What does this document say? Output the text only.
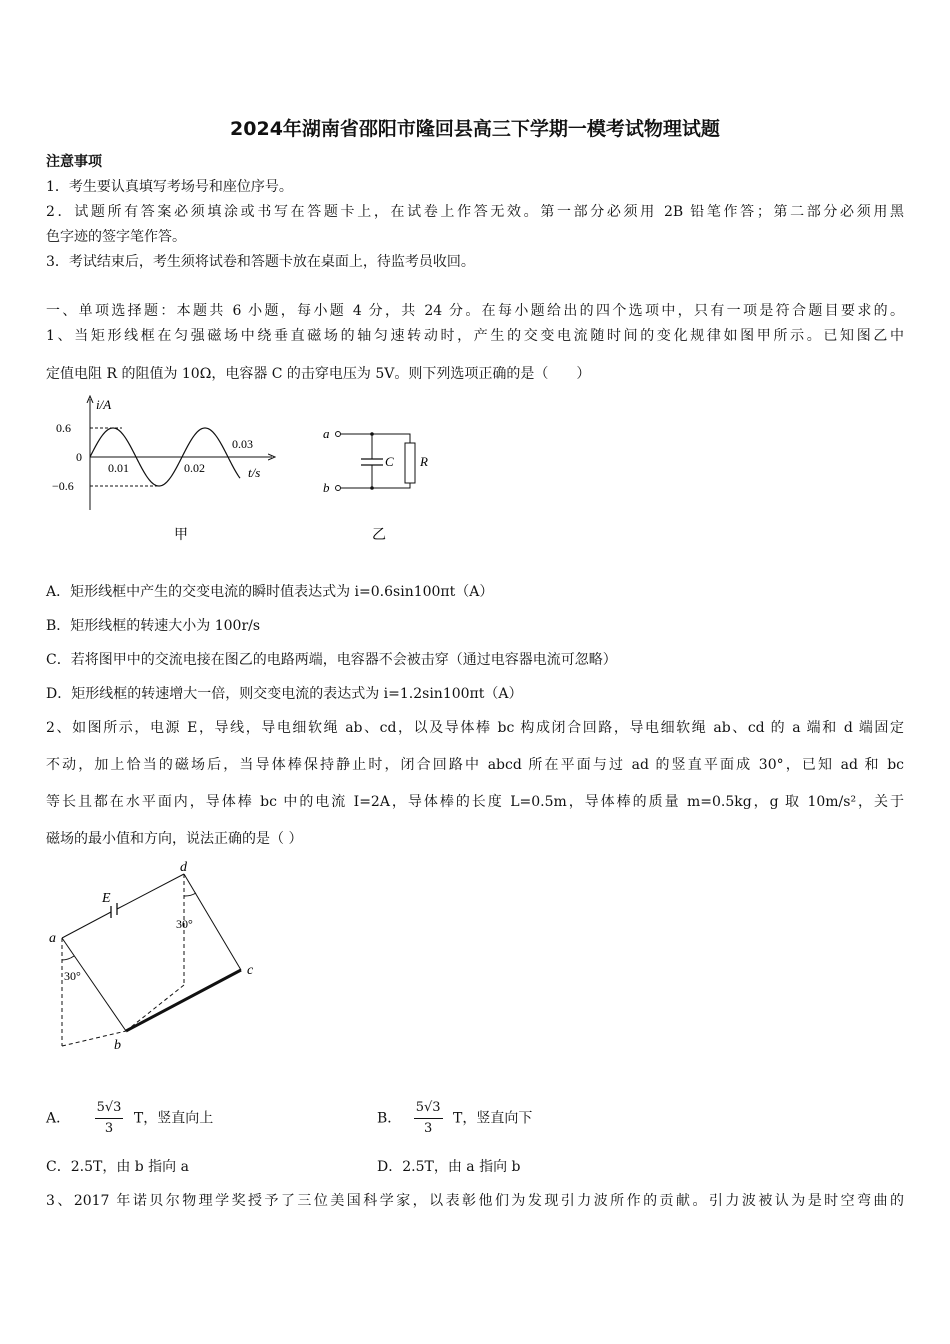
2024年湖南省邵阳市隆回县高三下学期一模考试物理试题
注意事项
1．考生要认真填写考场号和座位序号。
2．试题所有答案必须填涂或书写在答题卡上，在试卷上作答无效。第一部分必须用 2B 铅笔作答；第二部分必须用黑
色字迹的签字笔作答。
3．考试结束后，考生须将试卷和答题卡放在桌面上，待监考员收回。
一、单项选择题：本题共 6 小题，每小题 4 分，共 24 分。在每小题给出的四个选项中，只有一项是符合题目要求的。
1、当矩形线框在匀强磁场中绕垂直磁场的轴匀速转动时，产生的交变电流随时间的变化规律如图甲所示。已知图乙中
定值电阻 R 的阻值为 10Ω，电容器 C 的击穿电压为 5V。则下列选项正确的是（　　）
i/A
0.6
0
−0.6
0.01	0.02
0.03
t/s
甲
a
b
C R
乙
A．矩形线框中产生的交变电流的瞬时值表达式为 i=0.6sin100πt（A）
B．矩形线框的转速大小为 100r/s
C．若将图甲中的交流电接在图乙的电路两端，电容器不会被击穿（通过电容器电流可忽略）
D．矩形线框的转速增大一倍，则交变电流的表达式为 i=1.2sin100πt（A）
2、如图所示，电源 E，导线，导电细软绳 ab、cd，以及导体棒 bc 构成闭合回路，导电细软绳 ab、cd 的 a 端和 d 端固定
不动，加上恰当的磁场后，当导体棒保持静止时，闭合回路中 abcd 所在平面与过 ad 的竖直平面成 30°，已知 ad 和 bc
等长且都在水平面内，导体棒 bc 中的电流 I=2A，导体棒的长度 L=0.5m，导体棒的质量 m=0.5kg，g 取 10m/s²，关于
磁场的最小值和方向，说法正确的是（ ）
E
a
d
c
b
30°
30°
A． $\frac{5√3}{3}$ T，竖直向上	B． $\frac{5√3}{3}$ T，竖直向下
C．2.5T，由 b 指向 a	D．2.5T，由 a 指向 b
3、2017 年诺贝尔物理学奖授予了三位美国科学家，以表彰他们为发现引力波所作的贡献。引力波被认为是时空弯曲的
